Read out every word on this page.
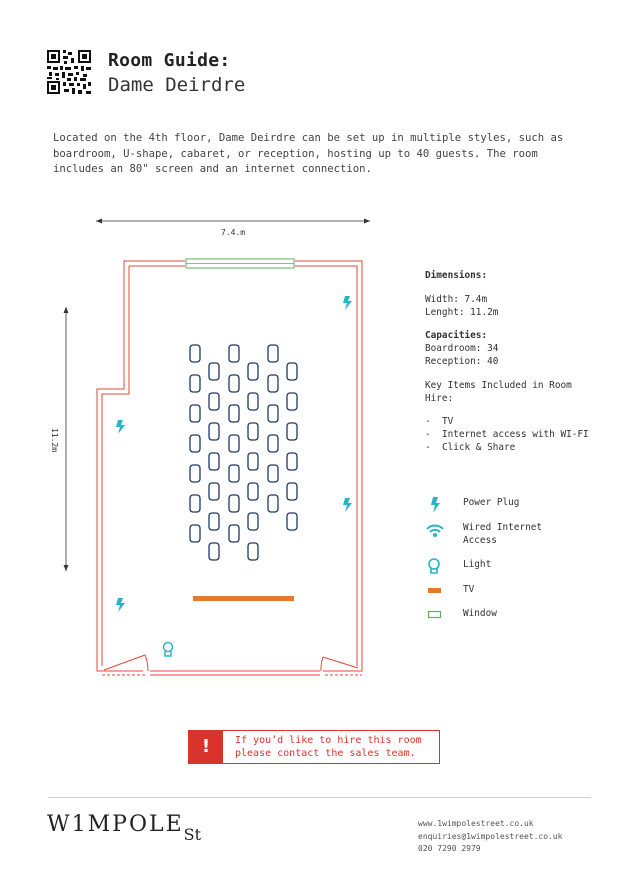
Room Guide:
Dame Deirdre
Located on the 4th floor, Dame Deirdre can be set up in multiple styles, such as boardroom, U-shape, cabaret, or reception, hosting up to 40 guests. The room includes an 80" screen and an internet connection.
7.4.m
11.2m
Dimensions:
Width: 7.4m
Lenght: 11.2m
Capacities:
Boardroom: 34
Reception: 40
Key Items Included in Room Hire:
-  TV
-  Internet access with WI-FI
-  Click & Share
Power Plug
Wired Internet Access
Light
TV
Window
!	If you’d like to hire this room
please contact the sales team.
$W1MPOLE_{St}$
www.1wimpolestreet.co.uk
enquiries@1wimpolestreet.co.uk
020 7290 2979
